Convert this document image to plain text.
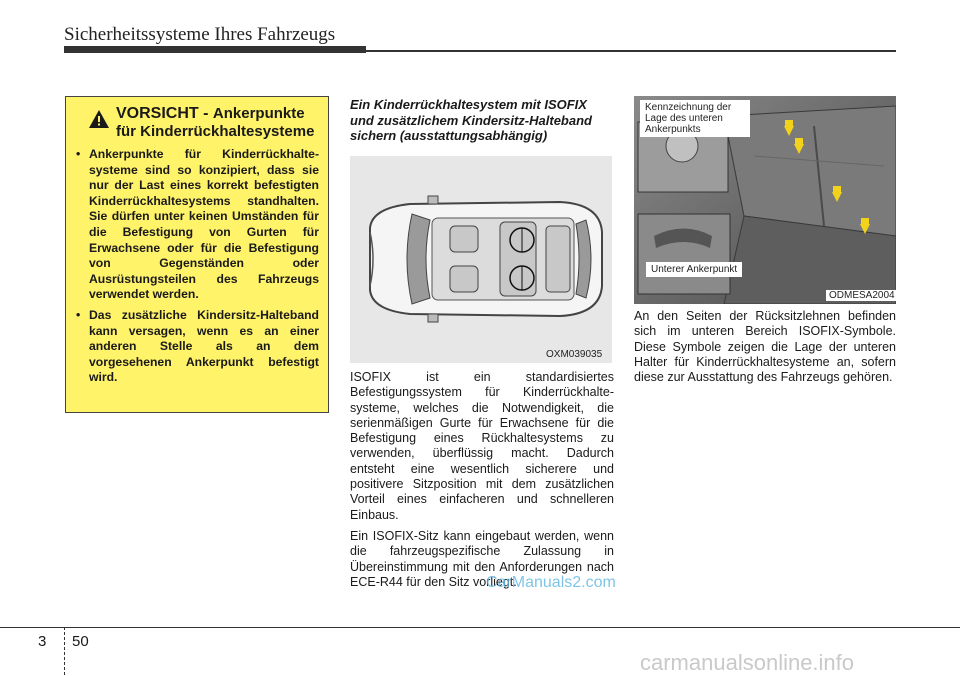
Sicherheitssysteme Ihres Fahrzeugs
VORSICHT - Ankerpunkte
für Kinderrückhaltesysteme
• Ankerpunkte für Kinderrückhaltesysteme sind so konzipiert, dass sie nur der Last eines korrekt befestigten Kinderrückhaltesystems standhalten. Sie dürfen unter keinen Umständen für die Befestigung von Gurten für Erwachsene oder für die Befestigung von Gegenständen oder Ausrüstungsteilen des Fahrzeugs verwendet werden.
• Das zusätzliche Kindersitz-Halteband kann versagen, wenn es an einer anderen Stelle als an dem vorgesehenen Ankerpunkt befestigt wird.
Ein Kinderrückhaltesystem mit ISOFIX und zusätzlichem Kindersitz-Halteband sichern (ausstattungsabhängig)
OXM039035

ISOFIX ist ein standardisiertes Befestigungssystem für Kinderrückhaltesysteme, welches die Notwendigkeit, die serienmäßigen Gurte für Erwachsene für die Befestigung eines Rückhaltesystems zu verwenden, überflüssig macht. Dadurch entsteht eine wesentlich sicherere und positivere Sitzposition mit dem zusätzlichen Vorteil eines einfacheren und schnelleren Einbaus.

Ein ISOFIX-Sitz kann eingebaut werden, wenn die fahrzeugspezifische Zulassung in Übereinstimmung mit den Anforderungen nach ECE-R44 für den Sitz vorliegt.

Kennzeichnung der Lage des unteren Ankerpunkts
Unterer Ankerpunkt
ODMESA2004

An den Seiten der Rücksitzlehnen befinden sich im unteren Bereich ISOFIX-Symbole. Diese Symbole zeigen die Lage der unteren Halter für Kinderrückhaltesysteme an, sofern diese zur Ausstattung des Fahrzeugs gehören.

CarManuals2.com
3 50
carmanualsonline.info
